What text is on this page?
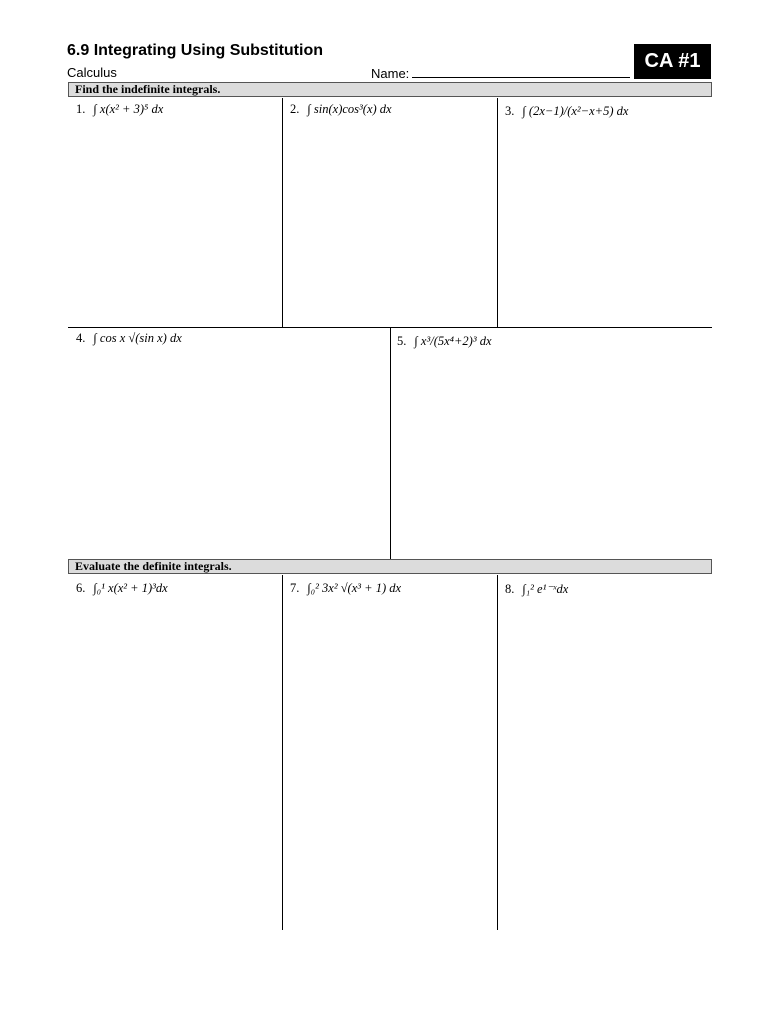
6.9 Integrating Using Substitution
Calculus	Name:
CA #1
Find the indefinite integrals.
Evaluate the definite integrals.
1. ∫ x(x² + 3)⁵ dx	2. ∫ sin(x)cos³(x) dx	3. ∫ (2x−1)/(x²−x+5) dx
4. ∫ cos x √(sin x) dx	5. ∫ x³/(5x⁴+2)³ dx
6. ∫₀¹ x(x² + 1)³dx	7. ∫₀² 3x² √(x³ + 1) dx	8. ∫₁² e¹⁻ˣdx
